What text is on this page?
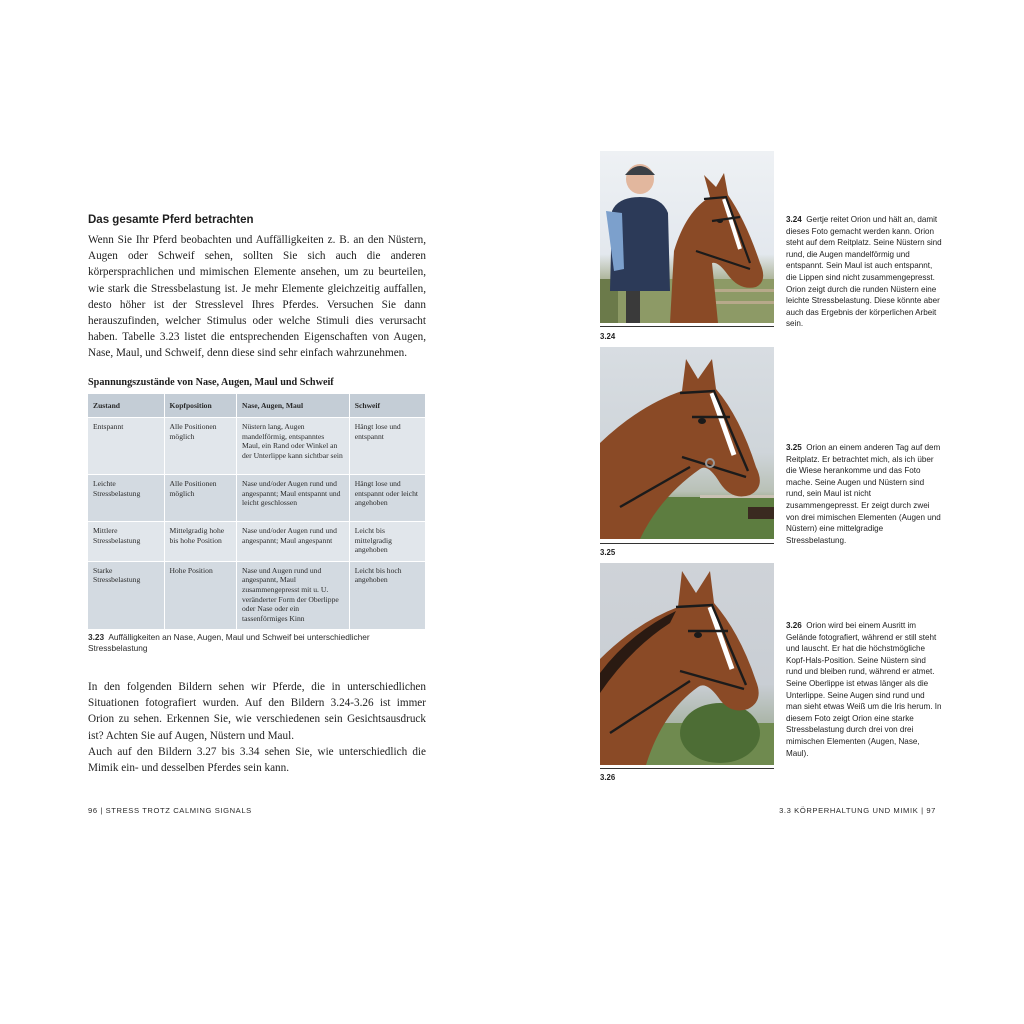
Das gesamte Pferd betrachten

Wenn Sie Ihr Pferd beobachten und Auffälligkeiten z. B. an den Nüstern, Augen oder Schweif sehen, sollten Sie sich auch die anderen körpersprachlichen und mimischen Elemente ansehen, um zu beurteilen, wie stark die Stressbelastung ist. Je mehr Elemente gleichzeitig auffallen, desto höher ist der Stresslevel Ihres Pferdes. Versuchen Sie dann herauszufinden, welcher Stimulus oder welche Stimuli dies verursacht haben. Tabelle 3.23 listet die entsprechenden Eigenschaften von Augen, Nase, Maul, und Schweif, denn diese sind sehr einfach wahrzunehmen.

Spannungszustände von Nase, Augen, Maul und Schweif
Zustand	Kopfposition	Nase, Augen, Maul	Schweif
Entspannt	Alle Positionen möglich	Nüstern lang, Augen mandelförmig, entspanntes Maul, ein Rand oder Winkel an der Unterlippe kann sichtbar sein	Hängt lose und entspannt
Leichte Stressbelastung	Alle Positionen möglich	Nase und/oder Augen rund und angespannt; Maul entspannt und leicht geschlossen	Hängt lose und entspannt oder leicht angehoben
Mittlere Stressbelastung	Mittelgradig hohe bis hohe Position	Nase und/oder Augen rund und angespannt; Maul angespannt	Leicht bis mittelgradig angehoben
Starke Stressbelastung	Hohe Position	Nase und Augen rund und angespannt, Maul zusammengepresst mit u. U. veränderter Form der Oberlippe oder Nase oder ein tassenförmiges Kinn	Leicht bis hoch angehoben
3.23 Auffälligkeiten an Nase, Augen, Maul und Schweif bei unterschiedlicher Stressbelastung

In den folgenden Bildern sehen wir Pferde, die in unterschiedlichen Situationen fotografiert wurden. Auf den Bildern 3.24-3.26 ist immer Orion zu sehen. Erkennen Sie, wie verschiedenen sein Gesichtsausdruck ist? Achten Sie auf Augen, Nüstern und Maul.

Auch auf den Bildern 3.27 bis 3.34 sehen Sie, wie unterschiedlich die Mimik ein- und desselben Pferdes sein kann.

96 | STRESS TROTZ CALMING SIGNALS
3.24
3.25
3.26
3.24 Gertje reitet Orion und hält an, damit dieses Foto gemacht werden kann. Orion steht auf dem Reitplatz. Seine Nüstern sind rund, die Augen mandelförmig und entspannt. Sein Maul ist auch entspannt, die Lippen sind nicht zusammengepresst. Orion zeigt durch die runden Nüstern eine leichte Stressbelastung. Diese könnte aber auch das Ergebnis der körperlichen Arbeit sein.
3.25 Orion an einem anderen Tag auf dem Reitplatz. Er betrachtet mich, als ich über die Wiese herankomme und das Foto mache. Seine Augen und Nüstern sind rund, sein Maul ist nicht zusammengepresst. Er zeigt durch zwei von drei mimischen Elementen (Augen und Nüstern) eine mittelgradige Stressbelastung.
3.26 Orion wird bei einem Ausritt im Gelände fotografiert, während er still steht und lauscht. Er hat die höchstmögliche Kopf-Hals-Position. Seine Nüstern sind rund und bleiben rund, während er atmet. Seine Oberlippe ist etwas länger als die Unterlippe. Seine Augen sind rund und man sieht etwas Weiß um die Iris herum. In diesem Foto zeigt Orion eine starke Stressbelastung durch drei von drei mimischen Elementen (Augen, Nase, Maul).
3.3 KÖRPERHALTUNG UND MIMIK | 97
